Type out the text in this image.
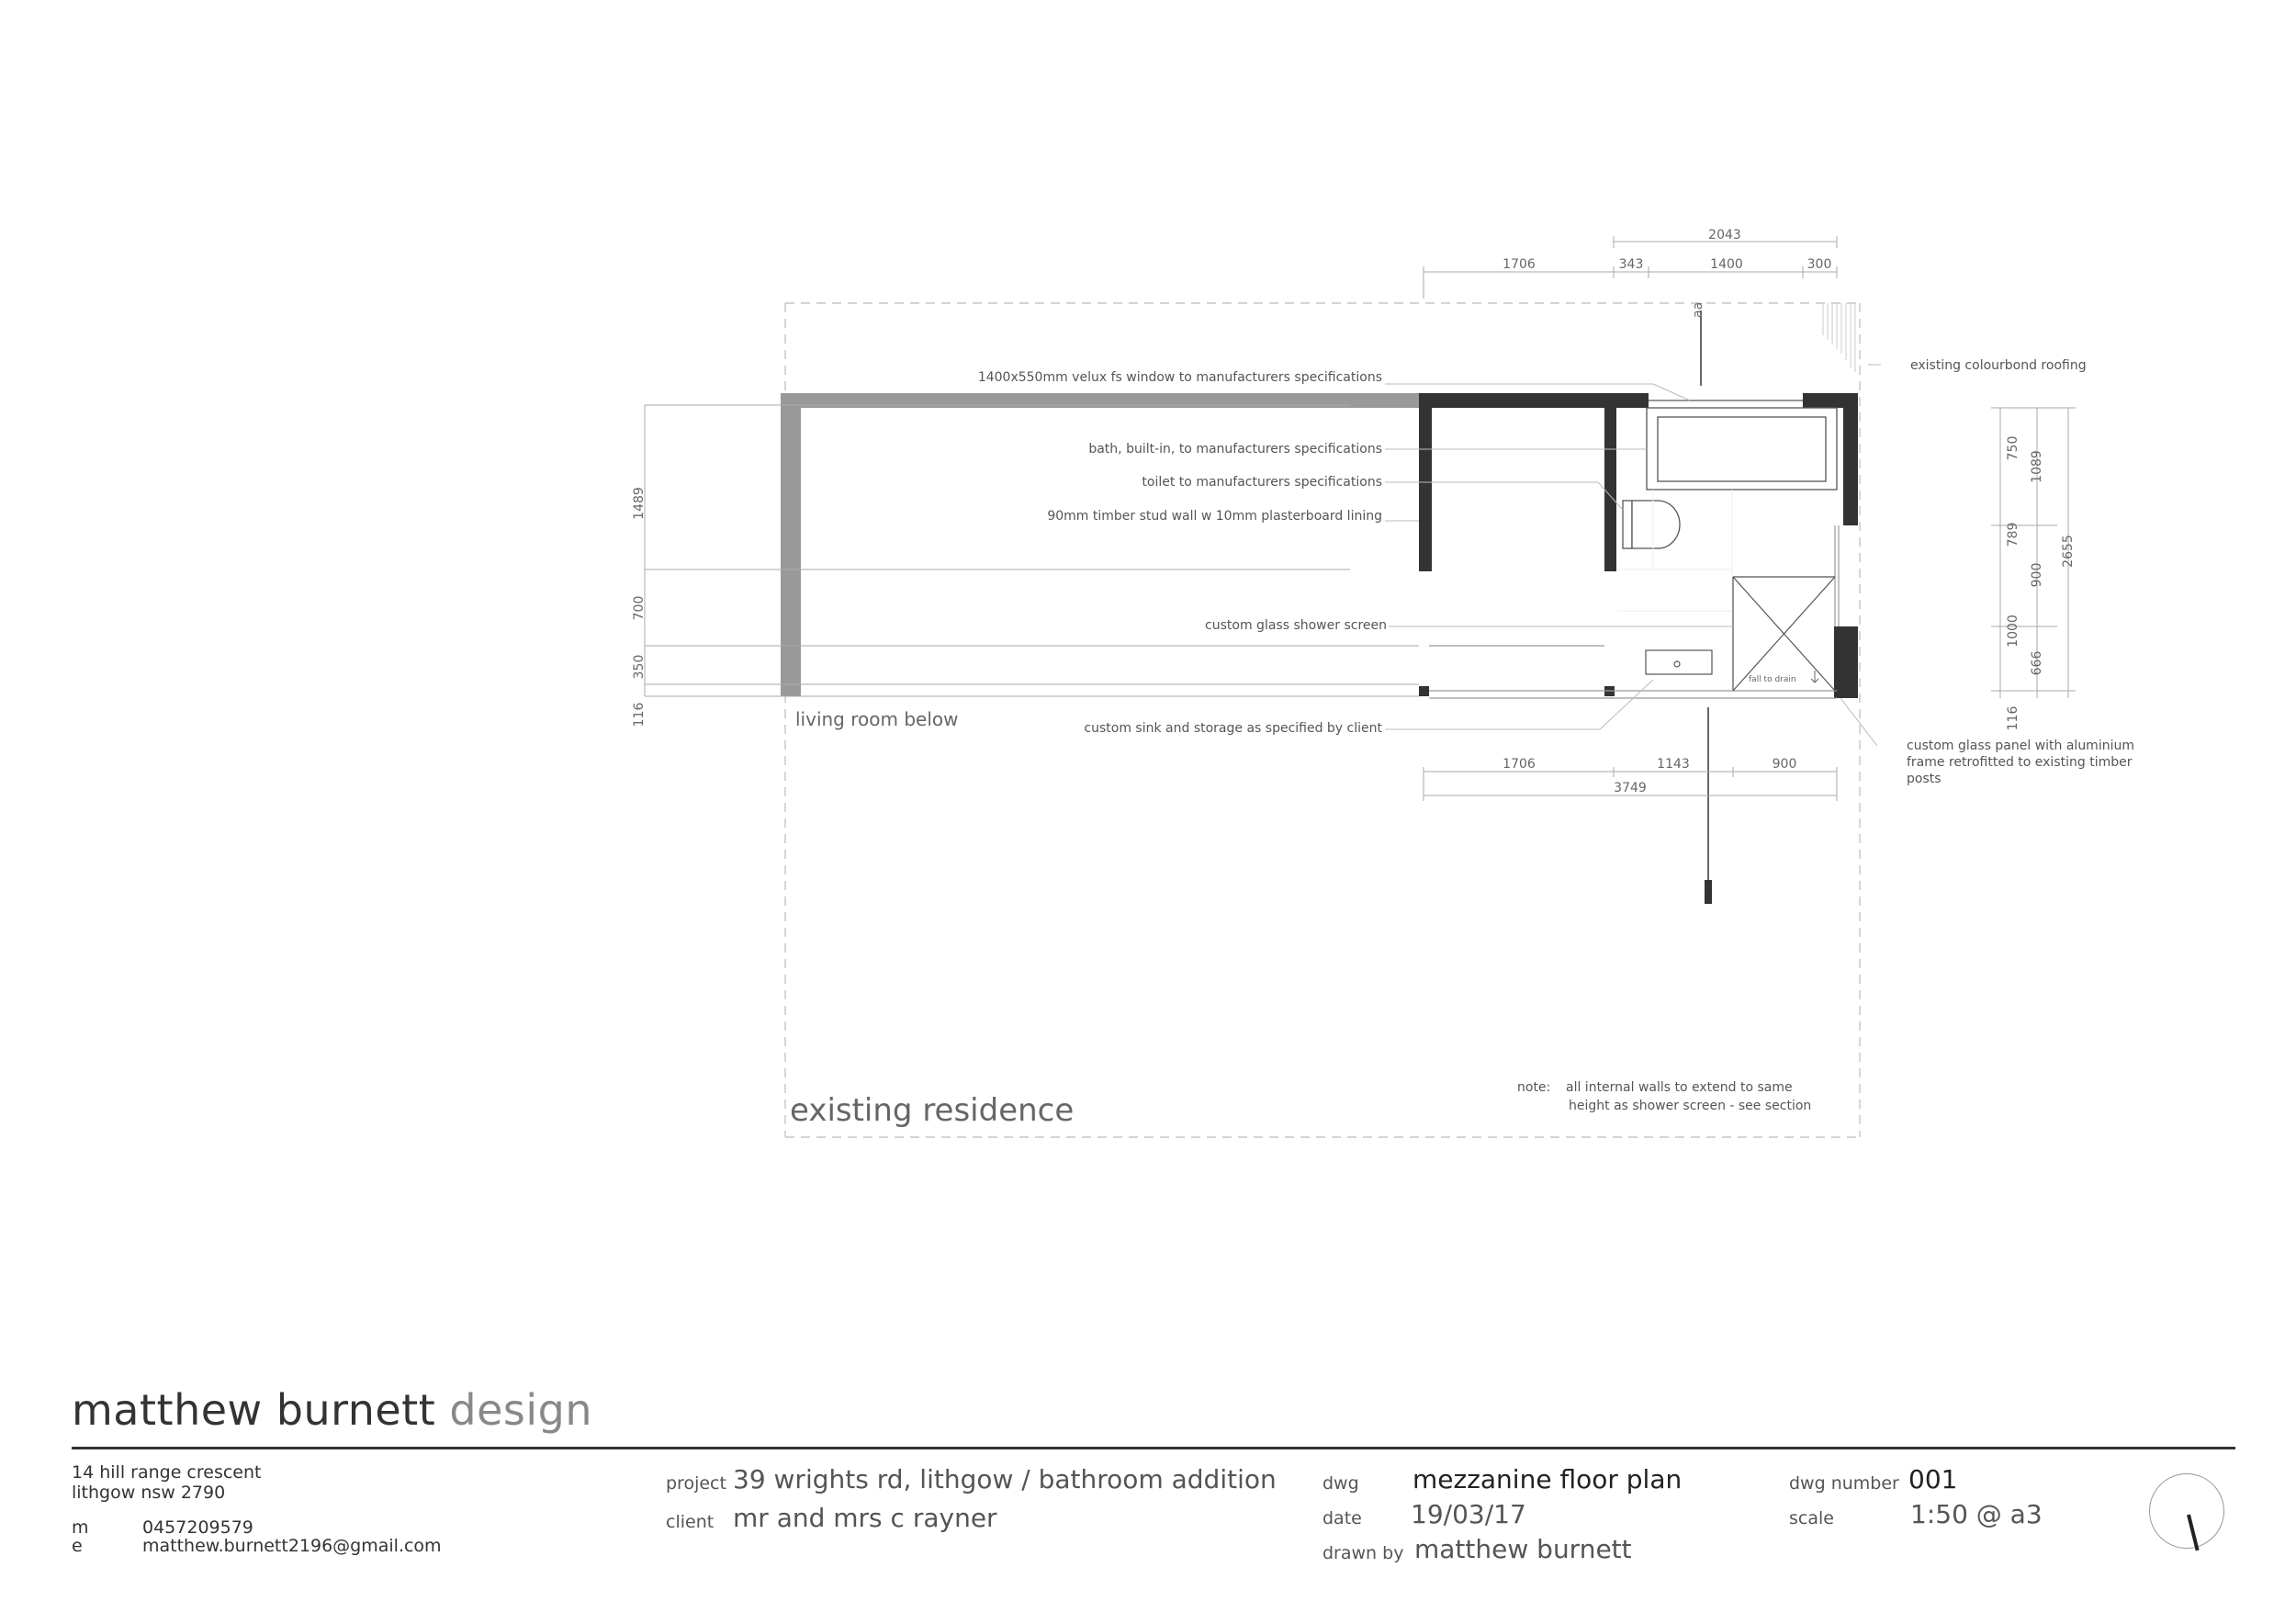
aa
2043
1706	343	1400	300
1706	1143	900
3749
1489
700
350
116
750
789
1000
116
1089
900
666
2655
1400x550mm velux fs window to manufacturers specifications
bath, built-in, to manufacturers specifications
toilet to manufacturers specifications
90mm timber stud wall w 10mm plasterboard lining
custom glass shower screen
custom sink and storage as specified by client
existing colourbond roofing
custom glass panel with aluminium
frame retrofitted to existing timber
posts
fall to drain
living room below
existing residence
note: all internal walls to extend to same
height as shower screen - see section
matthew burnett design
14 hill range crescent
lithgow nsw 2790
m	0457209579
e	matthew.burnett2196@gmail.com
project 39 wrights rd, lithgow / bathroom addition
client mr and mrs c rayner
dwg mezzanine floor plan
date 19/03/17
drawn by matthew burnett
dwg number 001
scale	1:50 @ a3
